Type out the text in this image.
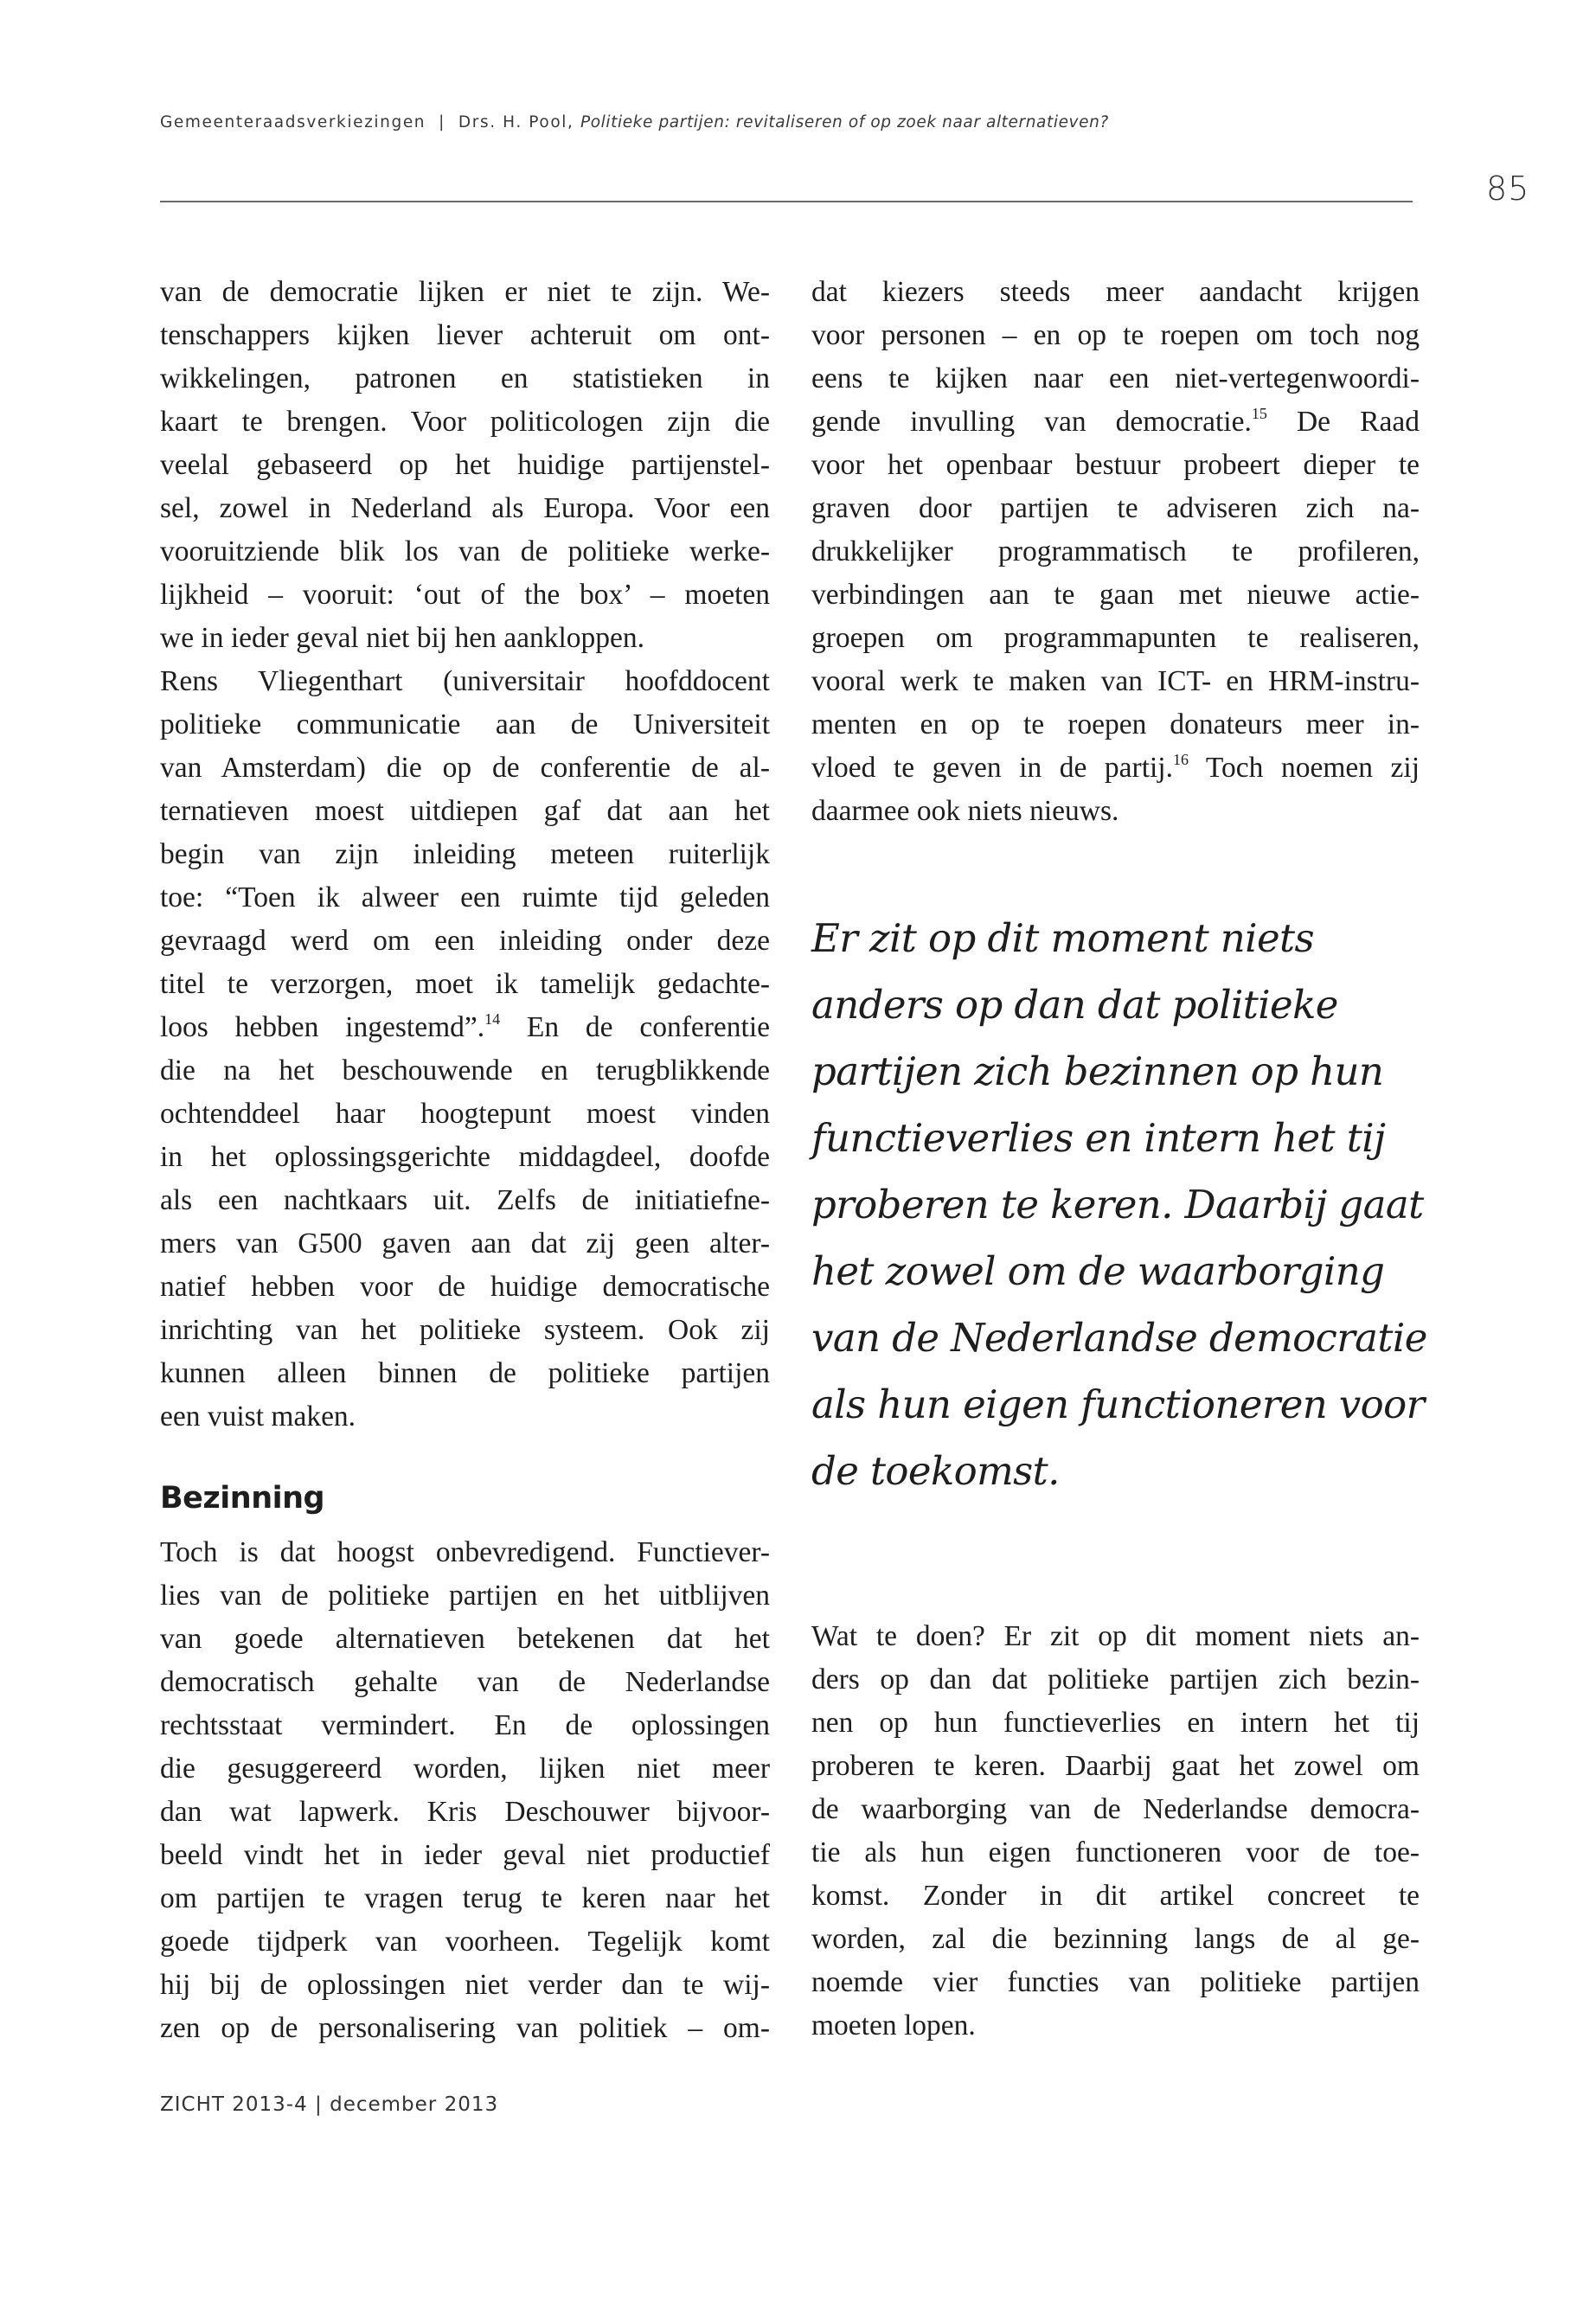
Gemeenteraadsverkiezingen | Drs. H. Pool, Politieke partijen: revitaliseren of op zoek naar alternatieven?
85
van de democratie lijken er niet te zijn. We-
tenschappers kijken liever achteruit om ont-
wikkelingen, patronen en statistieken in
kaart te brengen. Voor politicologen zijn die
veelal gebaseerd op het huidige partijenstel-
sel, zowel in Nederland als Europa. Voor een
vooruitziende blik los van de politieke werke-
lijkheid – vooruit: ‘out of the box’ – moeten
we in ieder geval niet bij hen aankloppen.
Rens Vliegenthart (universitair hoofddocent
politieke communicatie aan de Universiteit
van Amsterdam) die op de conferentie de al-
ternatieven moest uitdiepen gaf dat aan het
begin van zijn inleiding meteen ruiterlijk
toe: “Toen ik alweer een ruimte tijd geleden
gevraagd werd om een inleiding onder deze
titel te verzorgen, moet ik tamelijk gedachte-
loos hebben ingestemd”.$^{14}$ En de conferentie
die na het beschouwende en terugblikkende
ochtenddeel haar hoogtepunt moest vinden
in het oplossingsgerichte middagdeel, doofde
als een nachtkaars uit. Zelfs de initiatiefne-
mers van G500 gaven aan dat zij geen alter-
natief hebben voor de huidige democratische
inrichting van het politieke systeem. Ook zij
kunnen alleen binnen de politieke partijen
een vuist maken.
Bezinning
Toch is dat hoogst onbevredigend. Functiever-
lies van de politieke partijen en het uitblijven
van goede alternatieven betekenen dat het
democratisch gehalte van de Nederlandse
rechtsstaat vermindert. En de oplossingen
die gesuggereerd worden, lijken niet meer
dan wat lapwerk. Kris Deschouwer bijvoor-
beeld vindt het in ieder geval niet productief
om partijen te vragen terug te keren naar het
goede tijdperk van voorheen. Tegelijk komt
hij bij de oplossingen niet verder dan te wij-
zen op de personalisering van politiek – om-
dat kiezers steeds meer aandacht krijgen
voor personen – en op te roepen om toch nog
eens te kijken naar een niet-vertegenwoordi-
gende invulling van democratie.$^{15}$ De Raad
voor het openbaar bestuur probeert dieper te
graven door partijen te adviseren zich na-
drukkelijker programmatisch te profileren,
verbindingen aan te gaan met nieuwe actie-
groepen om programmapunten te realiseren,
vooral werk te maken van ICT- en HRM-instru-
menten en op te roepen donateurs meer in-
vloed te geven in de partij.$^{16}$ Toch noemen zij
daarmee ook niets nieuws.
Er zit op dit moment niets
anders op dan dat politieke
partijen zich bezinnen op hun
functieverlies en intern het tij
proberen te keren. Daarbij gaat
het zowel om de waarborging
van de Nederlandse democratie
als hun eigen functioneren voor
de toekomst.
Wat te doen? Er zit op dit moment niets an-
ders op dan dat politieke partijen zich bezin-
nen op hun functieverlies en intern het tij
proberen te keren. Daarbij gaat het zowel om
de waarborging van de Nederlandse democra-
tie als hun eigen functioneren voor de toe-
komst. Zonder in dit artikel concreet te
worden, zal die bezinning langs de al ge-
noemde vier functies van politieke partijen
moeten lopen.
ZICHT 2013-4 | december 2013
